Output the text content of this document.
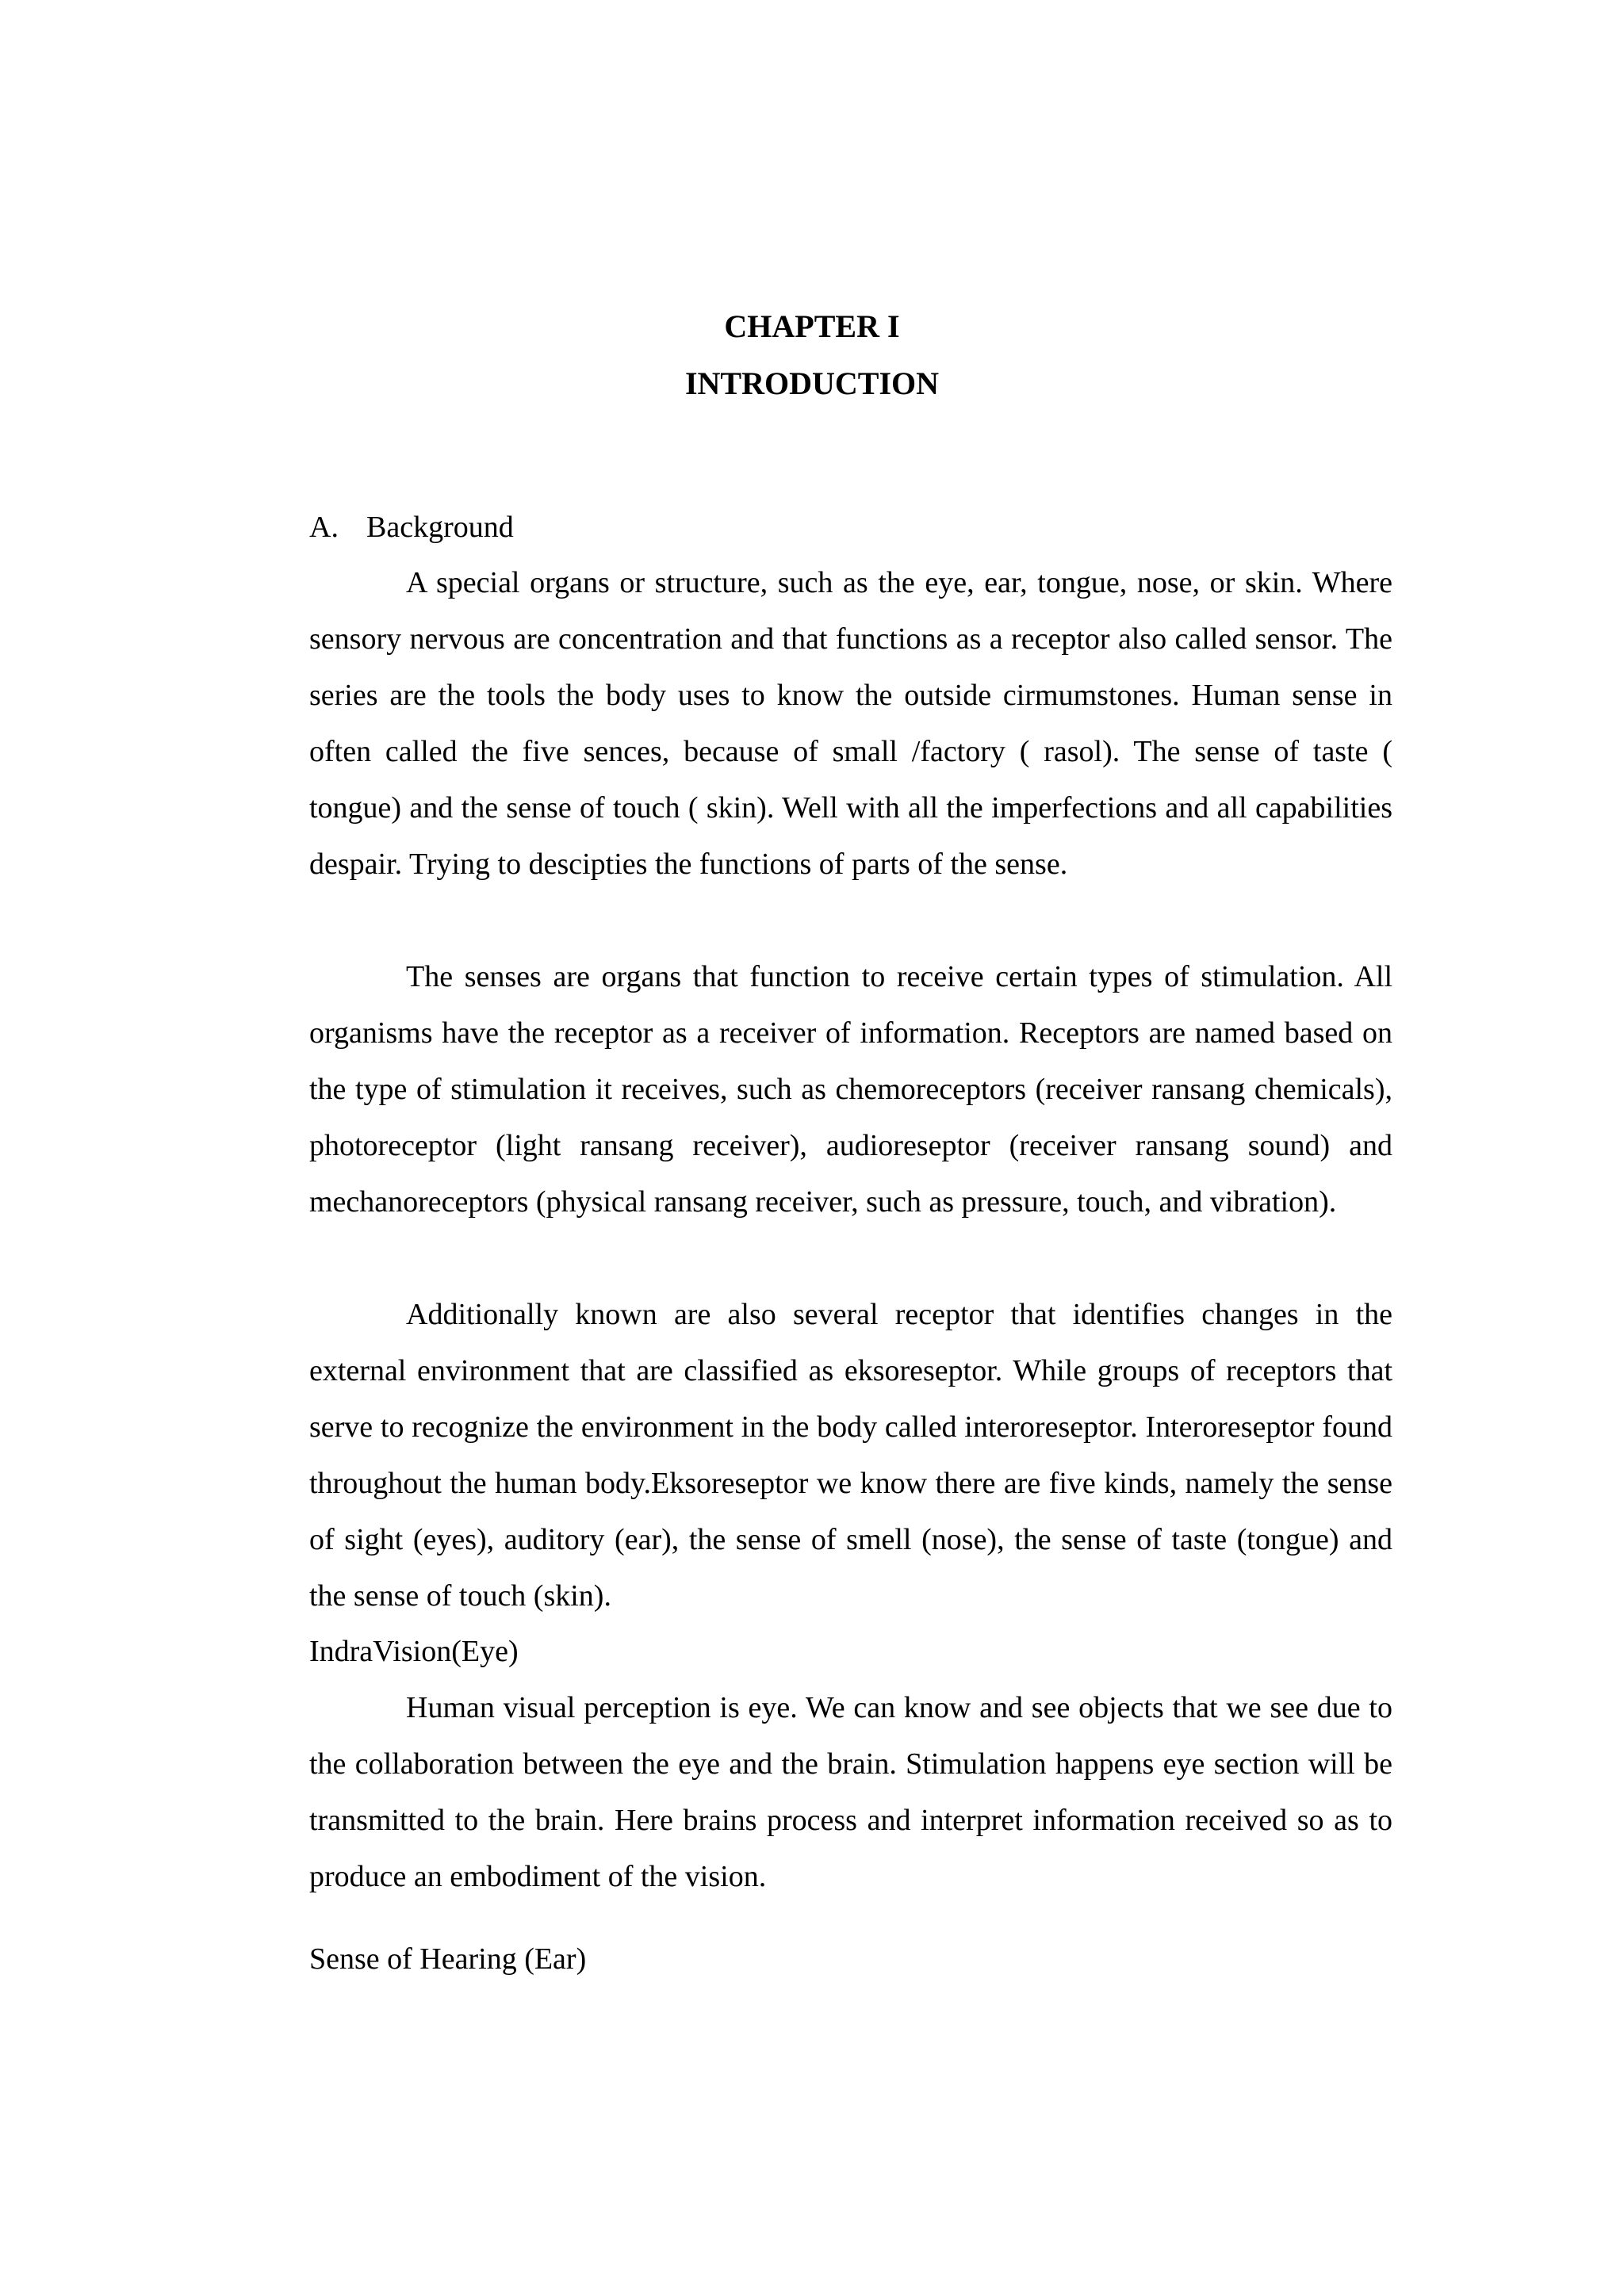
CHAPTER I
INTRODUCTION
A. Background

A special organs or structure, such as the eye, ear, tongue, nose, or skin. Where sensory nervous are concentration and that functions as a receptor also called sensor. The series are the tools the body uses to know the outside cirmumstones. Human sense in often called the five sences, because of small /factory ( rasol). The sense of taste ( tongue) and the sense of touch ( skin). Well with all the imperfections and all capabilities despair. Trying to descipties the functions of parts of the sense.

The senses are organs that function to receive certain types of stimulation. All organisms have the receptor as a receiver of information. Receptors are named based on the type of stimulation it receives, such as chemoreceptors (receiver ransang chemicals), photoreceptor (light ransang receiver), audioreseptor (receiver ransang sound) and mechanoreceptors (physical ransang receiver, such as pressure, touch, and vibration).

Additionally known are also several receptor that identifies changes in the external environment that are classified as eksoreseptor. While groups of receptors that serve to recognize the environment in the body called interoreseptor. Interoreseptor found throughout the human body.Eksoreseptor we know there are five kinds, namely the sense of sight (eyes), auditory (ear), the sense of smell (nose), the sense of taste (tongue) and the sense of touch (skin).

IndraVision(Eye)

Human visual perception is eye. We can know and see objects that we see due to the collaboration between the eye and the brain. Stimulation happens eye section will be transmitted to the brain. Here brains process and interpret information received so as to produce an embodiment of the vision.

Sense of Hearing (Ear)
